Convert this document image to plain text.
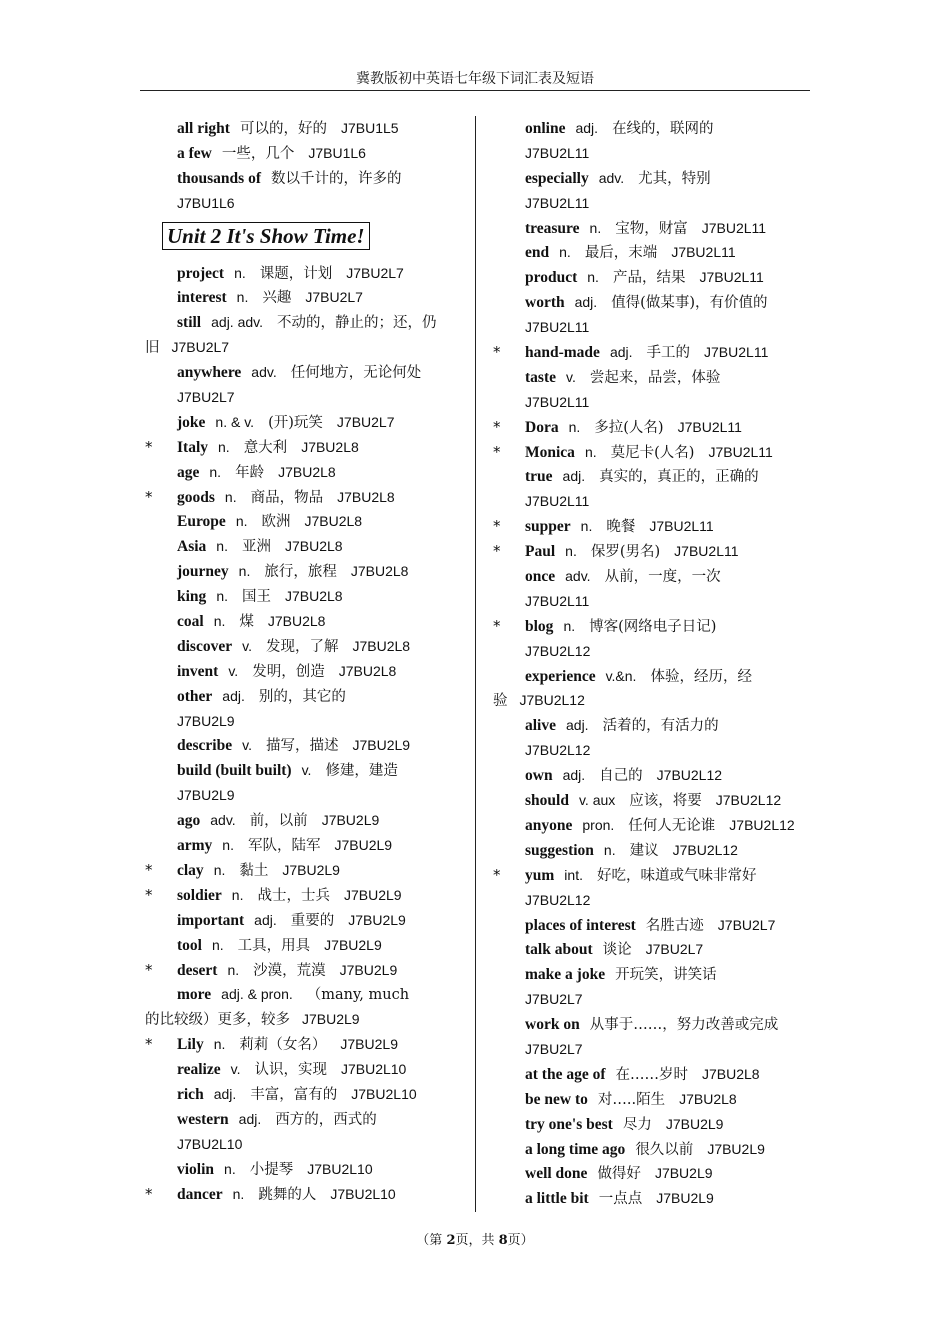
冀教版初中英语七年级下词汇表及短语
all right 可以的，好的 J7BU1L5
a few 一些，几个 J7BU1L6
thousands of 数以千计的，许多的
J7BU1L6
Unit 2 It's Show Time!
project n. 课题，计划 J7BU2L7
interest n. 兴趣 J7BU2L7
still adj. adv. 不动的，静止的；还，仍
旧 J7BU2L7
anywhere adv. 任何地方，无论何处
J7BU2L7
joke n. & v. (开)玩笑 J7BU2L7
* Italy n. 意大利 J7BU2L8
age n. 年龄 J7BU2L8
* goods n. 商品，物品 J7BU2L8
Europe n. 欧洲 J7BU2L8
Asia n. 亚洲 J7BU2L8
journey n. 旅行，旅程 J7BU2L8
king n. 国王 J7BU2L8
coal n. 煤 J7BU2L8
discover v. 发现，了解 J7BU2L8
invent v. 发明，创造 J7BU2L8
other adj. 别的，其它的
J7BU2L9
describe v. 描写，描述 J7BU2L9
build (built built) v. 修建，建造
J7BU2L9
ago adv. 前，以前 J7BU2L9
army n. 军队，陆军 J7BU2L9
* clay n. 黏土 J7BU2L9
* soldier n. 战士，士兵 J7BU2L9
important adj. 重要的 J7BU2L9
tool n. 工具，用具 J7BU2L9
* desert n. 沙漠，荒漠 J7BU2L9
more adj. & pron. （many, much
的比较级）更多，较多 J7BU2L9
* Lily n. 莉莉（女名） J7BU2L9
realize v. 认识，实现 J7BU2L10
rich adj. 丰富，富有的 J7BU2L10
western adj. 西方的，西式的
J7BU2L10
violin n. 小提琴 J7BU2L10
* dancer n. 跳舞的人 J7BU2L10
online adj. 在线的，联网的
J7BU2L11
especially adv. 尤其，特别
J7BU2L11
treasure n. 宝物，财富 J7BU2L11
end n. 最后，末端 J7BU2L11
product n. 产品，结果 J7BU2L11
worth adj. 值得(做某事)，有价值的
J7BU2L11
* hand-made adj. 手工的 J7BU2L11
taste v. 尝起来，品尝，体验
J7BU2L11
* Dora n. 多拉(人名) J7BU2L11
* Monica n. 莫尼卡(人名) J7BU2L11
true adj. 真实的，真正的，正确的
J7BU2L11
* supper n. 晚餐 J7BU2L11
* Paul n. 保罗(男名) J7BU2L11
once adv. 从前，一度，一次
J7BU2L11
* blog n. 博客(网络电子日记)
J7BU2L12
experience v.&n. 体验，经历，经
验 J7BU2L12
alive adj. 活着的，有活力的
J7BU2L12
own adj. 自己的 J7BU2L12
should v. aux 应该，将要 J7BU2L12
anyone pron. 任何人无论谁 J7BU2L12
suggestion n. 建议 J7BU2L12
* yum int. 好吃，味道或气味非常好
J7BU2L12
places of interest 名胜古迹 J7BU2L7
talk about 谈论 J7BU2L7
make a joke 开玩笑，讲笑话
J7BU2L7
work on 从事于……，努力改善或完成
J7BU2L7
at the age of 在……岁时 J7BU2L8
be new to 对…..陌生 J7BU2L8
try one's best 尽力 J7BU2L9
a long time ago 很久以前 J7BU2L9
well done 做得好 J7BU2L9
a little bit 一点点 J7BU2L9
（第 2页，共 8页）
